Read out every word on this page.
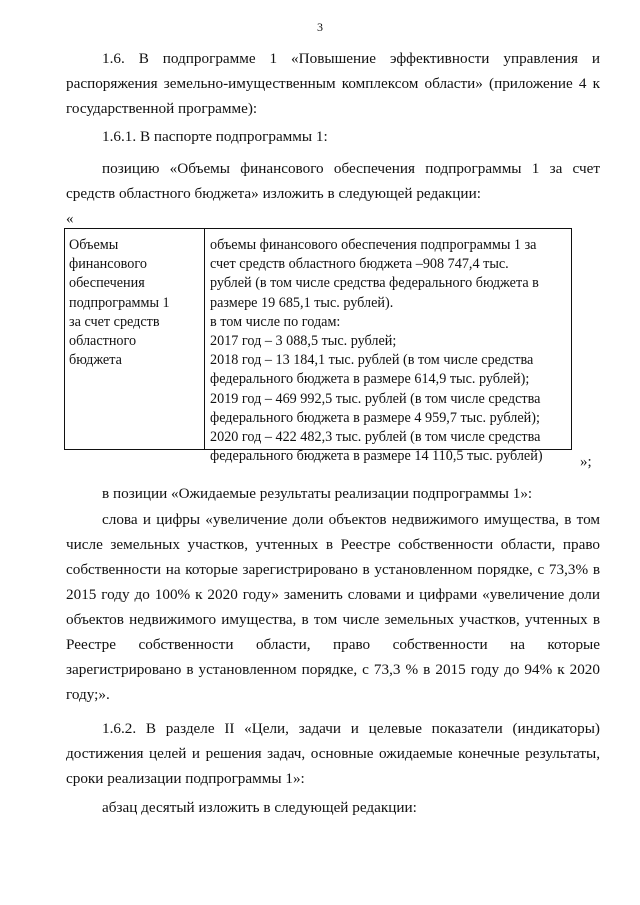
3

1.6. В подпрограмме 1 «Повышение эффективности управления и распоряжения земельно-имущественным комплексом области» (приложение 4 к государственной программе):

1.6.1. В паспорте подпрограммы 1:

позицию «Объемы финансового обеспечения подпрограммы 1 за счет средств областного бюджета» изложить в следующей редакции:

«
Объемы
финансового
обеспечения
подпрограммы 1
за счет средств
областного
бюджета
объемы финансового обеспечения подпрограммы 1 за
счет средств областного бюджета –908 747,4 тыс.
рублей (в том числе средства федерального бюджета в
размере 19 685,1 тыс. рублей).
в том числе по годам:
2017 год – 3 088,5 тыс. рублей;
2018 год – 13 184,1 тыс. рублей (в том числе средства
федерального бюджета в размере 614,9 тыс. рублей);
2019 год – 469 992,5 тыс. рублей (в том числе средства
федерального бюджета в размере 4 959,7 тыс. рублей);
2020 год – 422 482,3 тыс. рублей (в том числе средства
федерального бюджета в размере 14 110,5 тыс. рублей)	»;

в позиции «Ожидаемые результаты реализации подпрограммы 1»:

слова и цифры «увеличение доли объектов недвижимого имущества, в том числе земельных участков, учтенных в Реестре собственности области, право собственности на которые зарегистрировано в установленном порядке, с 73,3% в 2015 году до 100% к 2020 году» заменить словами и цифрами «увеличение доли объектов недвижимого имущества, в том числе земельных участков, учтенных в Реестре собственности области, право собственности на которые зарегистрировано в установленном порядке, с 73,3 % в 2015 году до 94% к 2020 году;».

1.6.2. В разделе II «Цели, задачи и целевые показатели (индикаторы) достижения целей и решения задач, основные ожидаемые конечные результаты, сроки реализации подпрограммы 1»:

абзац десятый изложить в следующей редакции:
